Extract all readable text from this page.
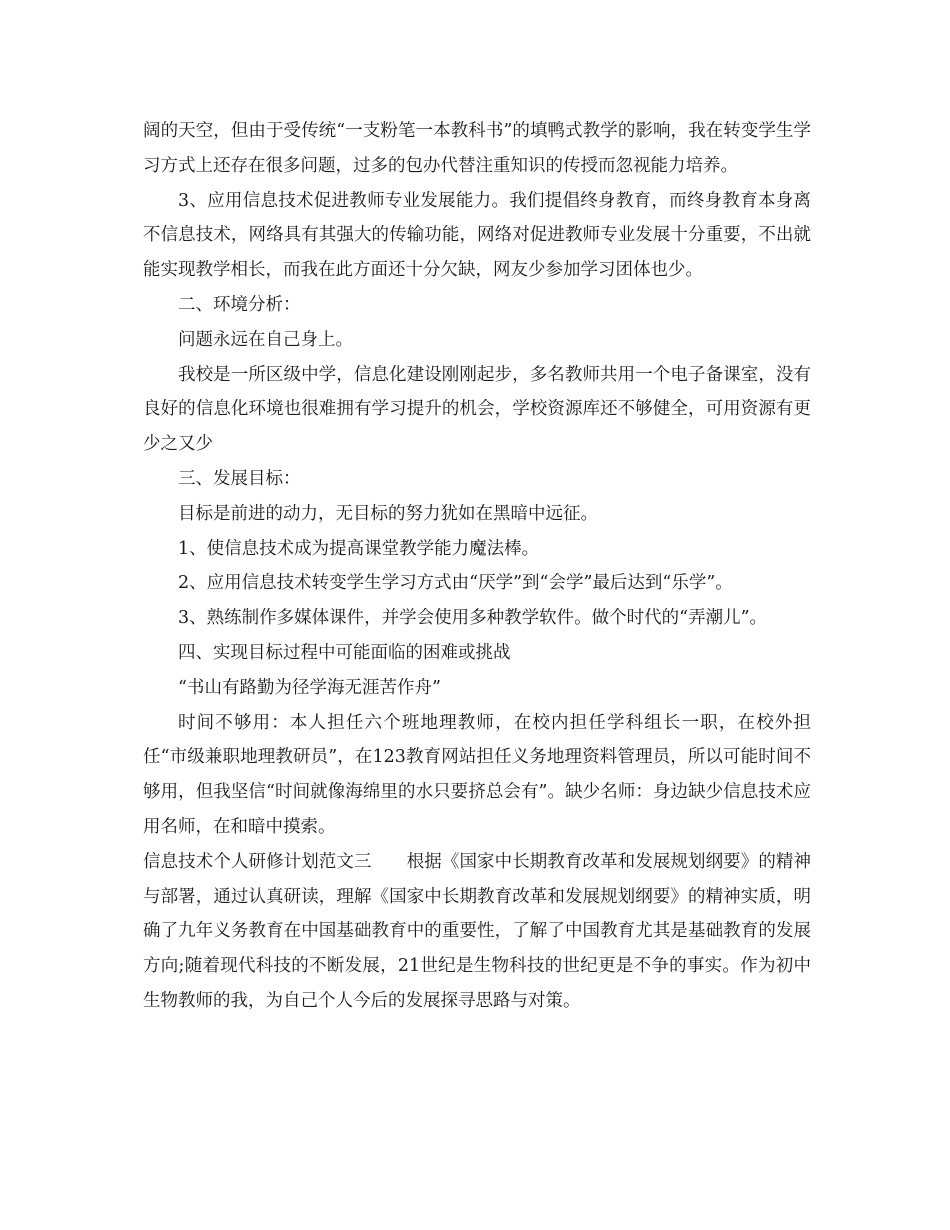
阔的天空，但由于受传统“一支粉笔一本教科书”的填鸭式教学的影响，我在转变学生学习方式上还存在很多问题，过多的包办代替注重知识的传授而忽视能力培养。

3、应用信息技术促进教师专业发展能力。我们提倡终身教育，而终身教育本身离不信息技术，网络具有其强大的传输功能，网络对促进教师专业发展十分重要，不出就能实现教学相长，而我在此方面还十分欠缺，网友少参加学习团体也少。

二、环境分析：

问题永远在自己身上。

我校是一所区级中学，信息化建设刚刚起步，多名教师共用一个电子备课室，没有良好的信息化环境也很难拥有学习提升的机会，学校资源库还不够健全，可用资源有更少之又少

三、发展目标：

目标是前进的动力，无目标的努力犹如在黑暗中远征。

1、使信息技术成为提高课堂教学能力魔法棒。

2、应用信息技术转变学生学习方式由“厌学”到“会学”最后达到“乐学”。

3、熟练制作多媒体课件，并学会使用多种教学软件。做个时代的“弄潮儿”。

四、实现目标过程中可能面临的困难或挑战

“书山有路勤为径学海无涯苦作舟”

时间不够用：本人担任六个班地理教师，在校内担任学科组长一职，在校外担任“市级兼职地理教研员”，在123教育网站担任义务地理资料管理员，所以可能时间不够用，但我坚信“时间就像海绵里的水只要挤总会有”。缺少名师：身边缺少信息技术应用名师，在和暗中摸索。

信息技术个人研修计划范文三　　根据《国家中长期教育改革和发展规划纲要》的精神与部署，通过认真研读，理解《国家中长期教育改革和发展规划纲要》的精神实质，明确了九年义务教育在中国基础教育中的重要性，了解了中国教育尤其是基础教育的发展方向;随着现代科技的不断发展，21世纪是生物科技的世纪更是不争的事实。作为初中生物教师的我，为自己个人今后的发展探寻思路与对策。
